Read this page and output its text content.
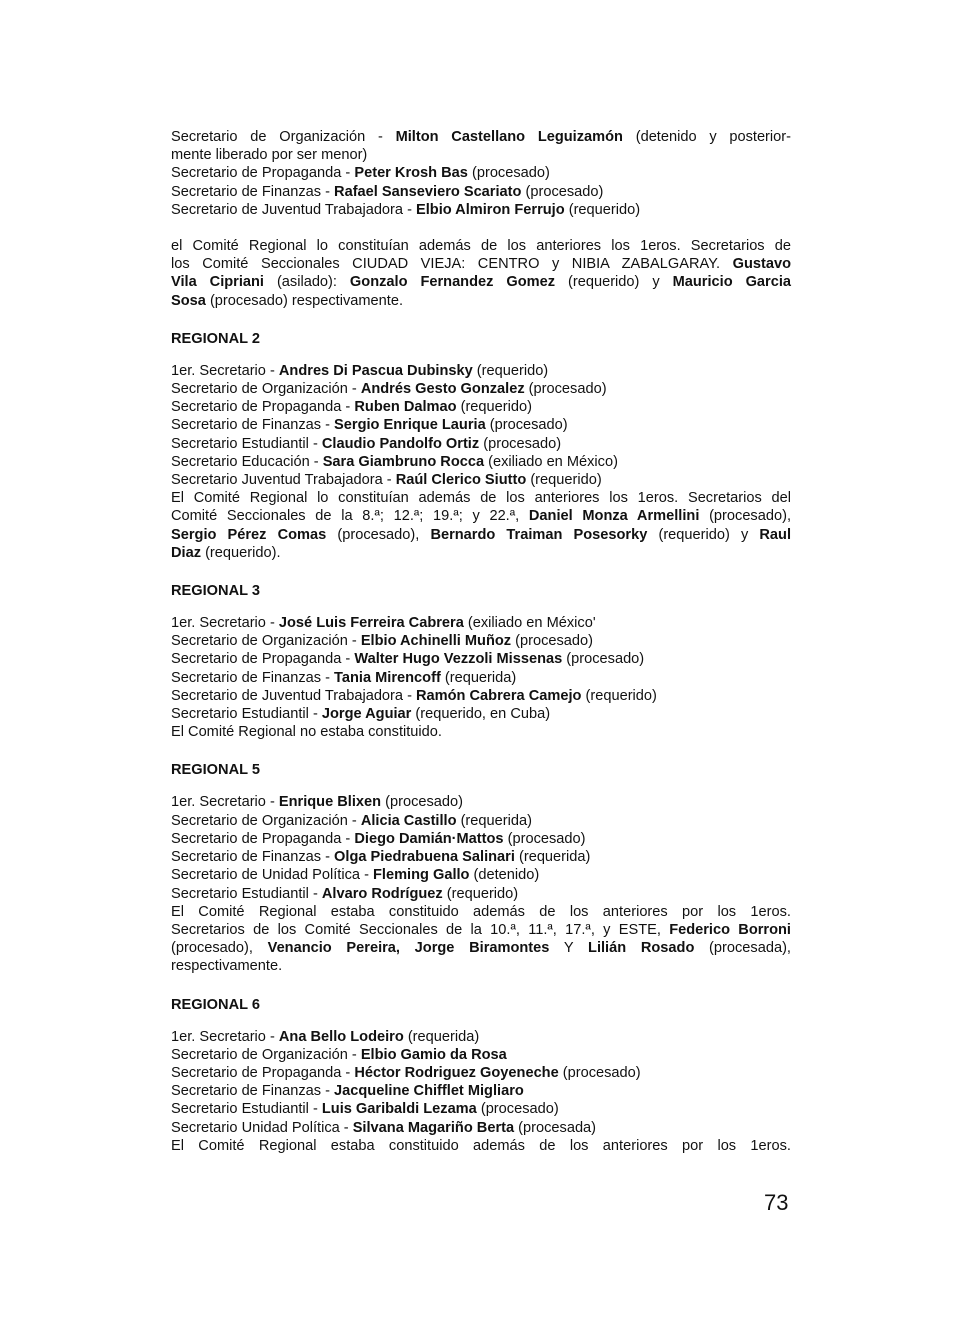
Secretario de Organización - Milton Castellano Leguizamón (detenido y posterior-
mente liberado por ser menor)
Secretario de Propaganda - Peter Krosh Bas (procesado)
Secretario de Finanzas - Rafael Sanseviero Scariato (procesado)
Secretario de Juventud Trabajadora - Elbio Almiron Ferrujo (requerido)
el Comité Regional lo constituían además de los anteriores los 1eros. Secretarios de
los Comité Seccionales CIUDAD VIEJA: CENTRO y NIBIA ZABALGARAY. Gustavo
Vila Cipriani (asilado): Gonzalo Fernandez Gomez (requerido) y Mauricio Garcia
Sosa (procesado) respectivamente.
REGIONAL 2
1er. Secretario - Andres Di Pascua Dubinsky (requerido)
Secretario de Organización - Andrés Gesto Gonzalez (procesado)
Secretario de Propaganda - Ruben Dalmao (requerido)
Secretario de Finanzas - Sergio Enrique Lauria (procesado)
Secretario Estudiantil - Claudio Pandolfo Ortiz (procesado)
Secretario Educación - Sara Giambruno Rocca (exiliado en México)
Secretario Juventud Trabajadora - Raúl Clerico Siutto (requerido)
El Comité Regional lo constituían además de los anteriores los 1eros. Secretarios del
Comité Seccionales de la 8.ª; 12.ª; 19.ª; y 22.ª, Daniel Monza Armellini (procesado),
Sergio Pérez Comas (procesado), Bernardo Traiman Posesorky (requerido) y Raul
Diaz (requerido).
REGIONAL 3
1er. Secretario - José Luis Ferreira Cabrera (exiliado en México'
Secretario de Organización - Elbio Achinelli Muñoz (procesado)
Secretario de Propaganda - Walter Hugo Vezzoli Missenas (procesado)
Secretario de Finanzas - Tania Mirencoff (requerida)
Secretario de Juventud Trabajadora - Ramón Cabrera Camejo (requerido)
Secretario Estudiantil - Jorge Aguiar (requerido, en Cuba)
El Comité Regional no estaba constituido.
REGIONAL 5
1er. Secretario - Enrique Blixen (procesado)
Secretario de Organización - Alicia Castillo (requerida)
Secretario de Propaganda - Diego Damián·Mattos (procesado)
Secretario de Finanzas - Olga Piedrabuena Salinari (requerida)
Secretario de Unidad Política - Fleming Gallo (detenido)
Secretario Estudiantil - Alvaro Rodríguez (requerido)
El Comité Regional estaba constituido además de los anteriores por los 1eros.
Secretarios de los Comité Seccionales de la 10.ª, 11.ª, 17.ª, y ESTE, Federico Borroni
(procesado), Venancio Pereira, Jorge Biramontes Y Lilián Rosado (procesada),
respectivamente.
REGIONAL 6
1er. Secretario - Ana Bello Lodeiro (requerida)
Secretario de Organización - Elbio Gamio da Rosa
Secretario de Propaganda - Héctor Rodriguez Goyeneche (procesado)
Secretario de Finanzas - Jacqueline Chifflet Migliaro
Secretario Estudiantil - Luis Garibaldi Lezama (procesado)
Secretario Unidad Política - Silvana Magariño Berta (procesada)
El Comité Regional estaba constituido además de los anteriores por los 1eros.
73
